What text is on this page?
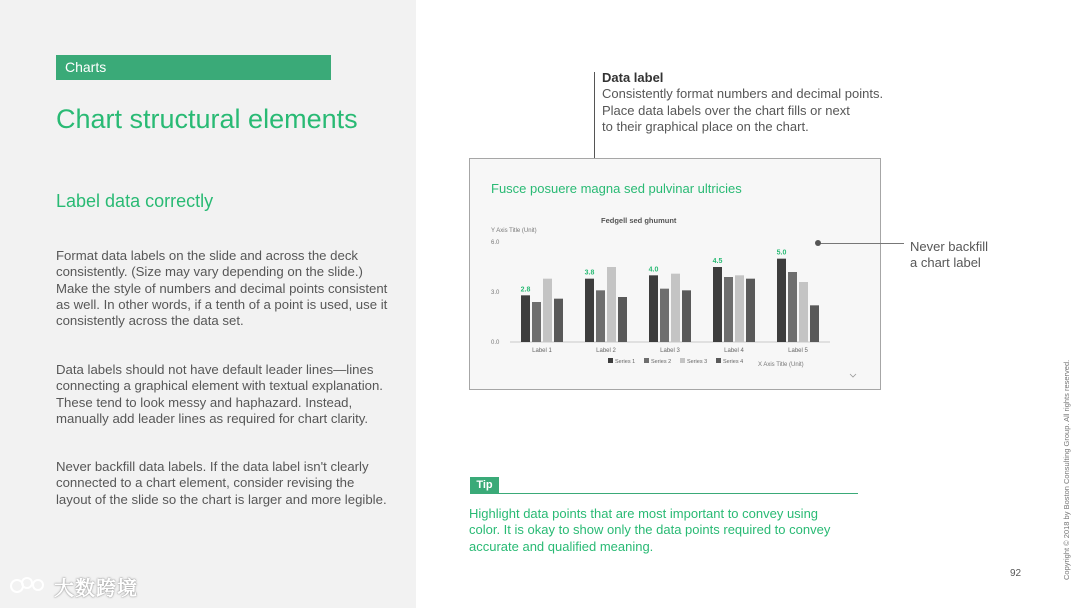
Charts
Chart structural elements
Label data correctly

Format data labels on the slide and across the deck consistently. (Size may vary depending on the slide.) Make the style of numbers and decimal points consistent as well. In other words, if a tenth of a point is used, use it consistently across the data set.

Data labels should not have default leader lines—lines connecting a graphical element with textual explanation. These tend to look messy and haphazard. Instead, manually add leader lines as required for chart clarity.

Never backfill data labels. If the data label isn't clearly connected to a chart element, consider revising the layout of the slide so the chart is larger and more legible.

大数跨境
Data label
Consistently format numbers and decimal points.
Place data labels over the chart fills or next
to their graphical place on the chart.
Fusce posuere magna sed pulvinar ultricies
Fedgell sed ghumunt
Y Axis Title (Unit)
6.0
3.0
0.0
2.8
Label 1
3.8
Label 2
4.0
Label 3
4.5
Label 4
5.0
Label 5
Series 1	Series 2	Series 3	Series 4 X Axis Title (Unit)
Never backfill
a chart label
Tip

Highlight data points that are most important to convey using color. It is okay to show only the data points required to convey accurate and qualified meaning.	Copyright © 2018 by Boston Consulting Group. All rights reserved.
92
